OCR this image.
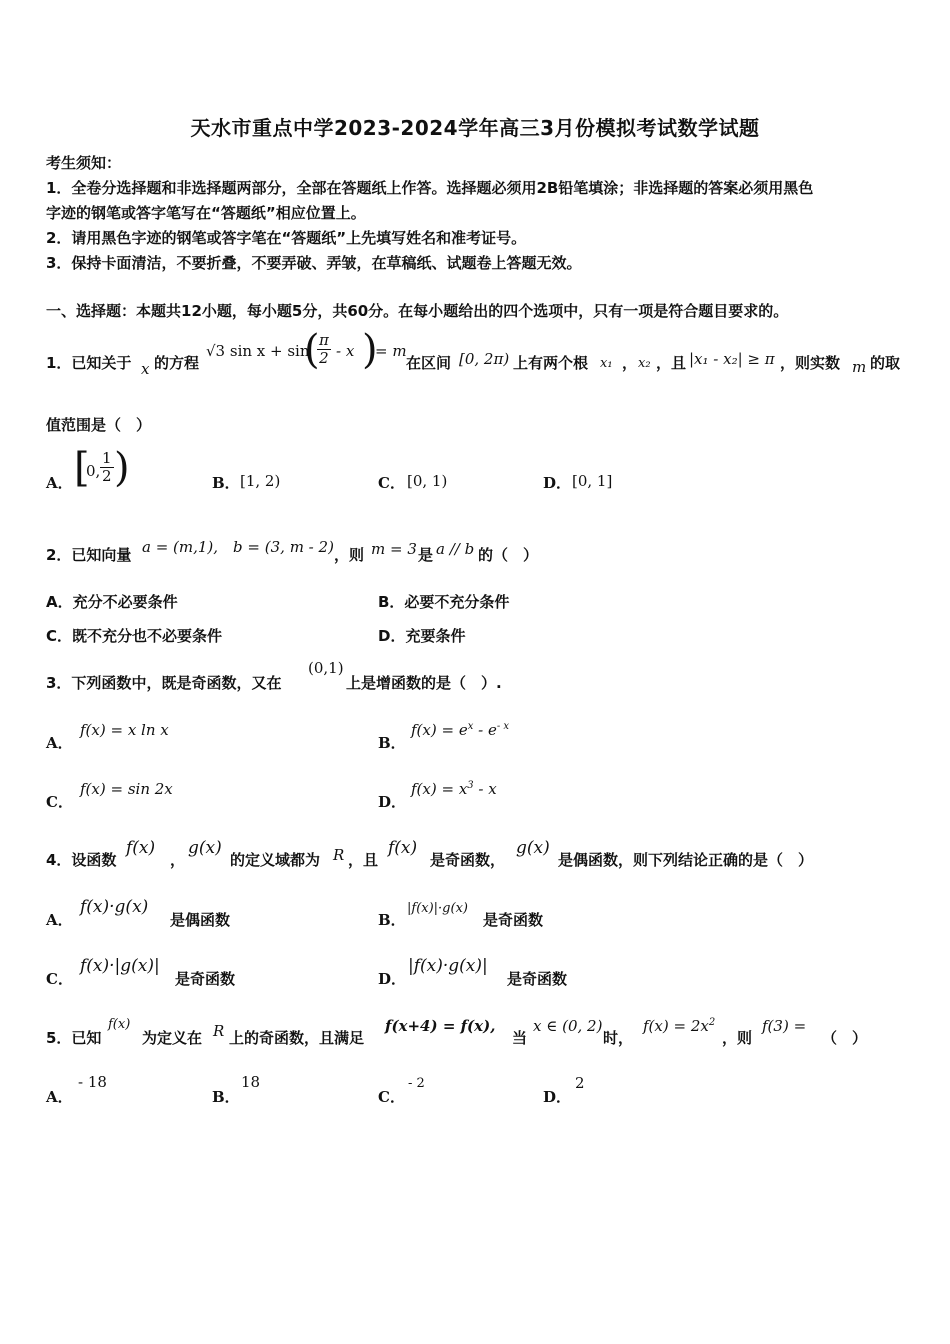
天水市重点中学2023-2024学年高三3月份模拟考试数学试题
考生须知：
1．全卷分选择题和非选择题两部分，全部在答题纸上作答。选择题必须用2B铅笔填涂；非选择题的答案必须用黑色
字迹的钢笔或答字笔写在“答题纸”相应位置上。
2．请用黑色字迹的钢笔或答字笔在“答题纸”上先填写姓名和准考证号。
3．保持卡面清洁，不要折叠，不要弄破、弄皱，在草稿纸、试题卷上答题无效。
一、选择题：本题共12小题，每小题5分，共60分。在每小题给出的四个选项中，只有一项是符合题目要求的。
1．已知关于 x 的方程
√3 sin x + sin
(
$\frac{\pi}{2}$ - x )
= m
在区间 [0, 2π) 上有两个根 x₁ ， x₂ ，且 |x₁ - x₂| ≥ π ，则实数 m 的取
值范围是（　）
A． [
0, $\frac{1}{2}$ )	B． [1, 2)	C． [0, 1)	D． [0, 1]
2．已知向量 a = (m,1),　b = (3, m - 2) ，则 m = 3 是 a // b 的（　）
A．充分不必要条件	B．必要不充分条件
C．既不充分也不必要条件	D．充要条件
3．下列函数中，既是奇函数，又在
(0,1)
上是增函数的是（　）.
A．
f(x) = x ln x
B．
$f(x) = e^x - e^{- x}$
C．
f(x) = sin 2x
D．
$f(x) = x^3 - x$
4．设函数
f(x)
，
g(x)
的定义域都为 R ，且
f(x)
是奇函数，
g(x)
是偶函数，则下列结论正确的是（　）
A．
f(x)·g(x)
是偶函数	B．
|f(x)|·g(x)
是奇函数
C．
f(x)·|g(x)|
是奇函数	D．
|f(x)·g(x)|
是奇函数
5．已知
f(x)
为定义在 R 上的奇函数，且满足
f(x+4) = f(x),
当
x ∈ (0, 2)
时，
$f(x) = 2x^2$
，则
f(3) =
（　）
A．
- 18
B．
18
C．
- 2
D．
2
